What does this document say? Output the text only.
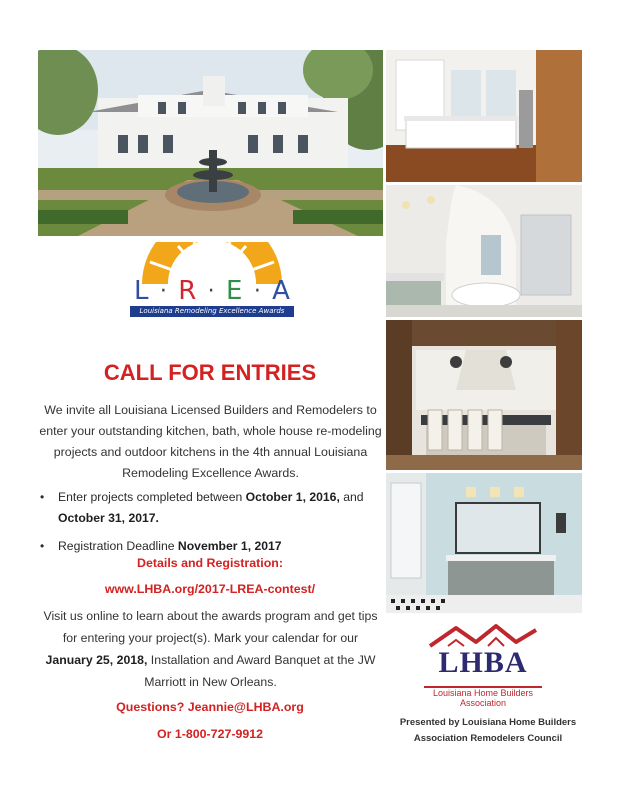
L · R · E · A
Louisiana Remodeling Excellence Awards
CALL FOR ENTRIES
We invite all Louisiana Licensed Builders and Remodelers to enter your outstanding kitchen, bath, whole house re-modeling projects and outdoor kitchens in the 4th annual Louisiana Remodeling Excellence Awards.
• Enter projects completed between October 1, 2016, and October 31, 2017.
• Registration Deadline November 1, 2017
Details and Registration:
www.LHBA.org/2017-LREA-contest/
Visit us online to learn about the awards program and get tips for entering your project(s). Mark your calendar for our January 25, 2018, Installation and Award Banquet at the JW Marriott in New Orleans.
Questions? Jeannie@LHBA.org
Or 1-800-727-9912
LHBA
Louisiana Home Builders
Association
Presented by Louisiana Home Builders
Association Remodelers Council
